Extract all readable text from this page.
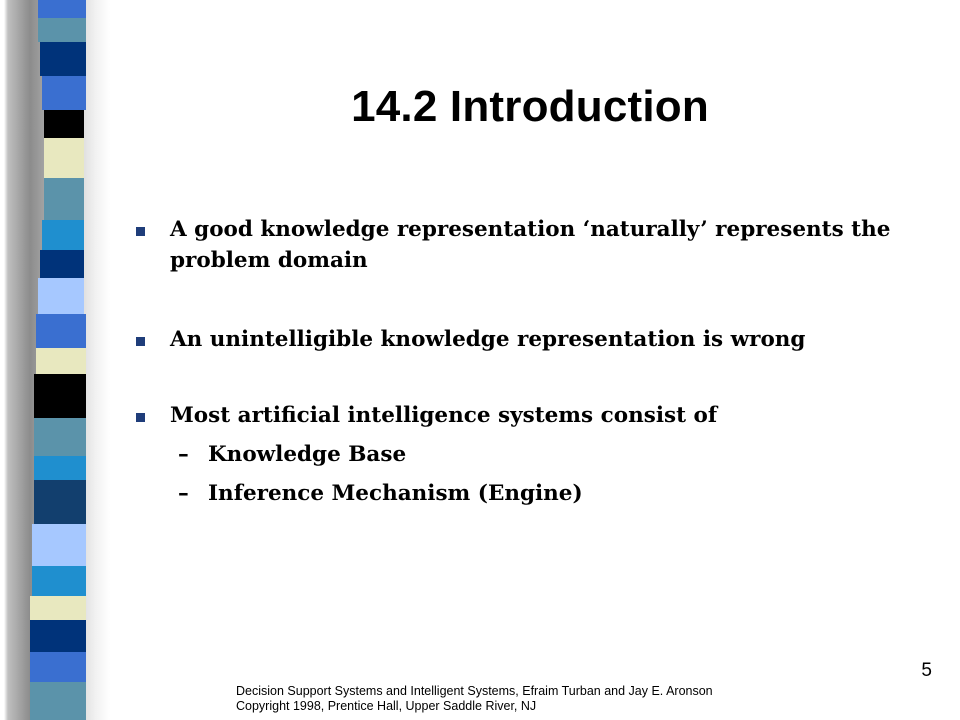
14.2 Introduction
A good knowledge representation ‘naturally’ represents the problem domain
An unintelligible knowledge representation is wrong
Most artificial intelligence systems consist of
– Knowledge Base
– Inference Mechanism (Engine)
5
Decision Support Systems and Intelligent Systems, Efraim Turban and Jay E. Aronson
Copyright 1998, Prentice Hall, Upper Saddle River, NJ
